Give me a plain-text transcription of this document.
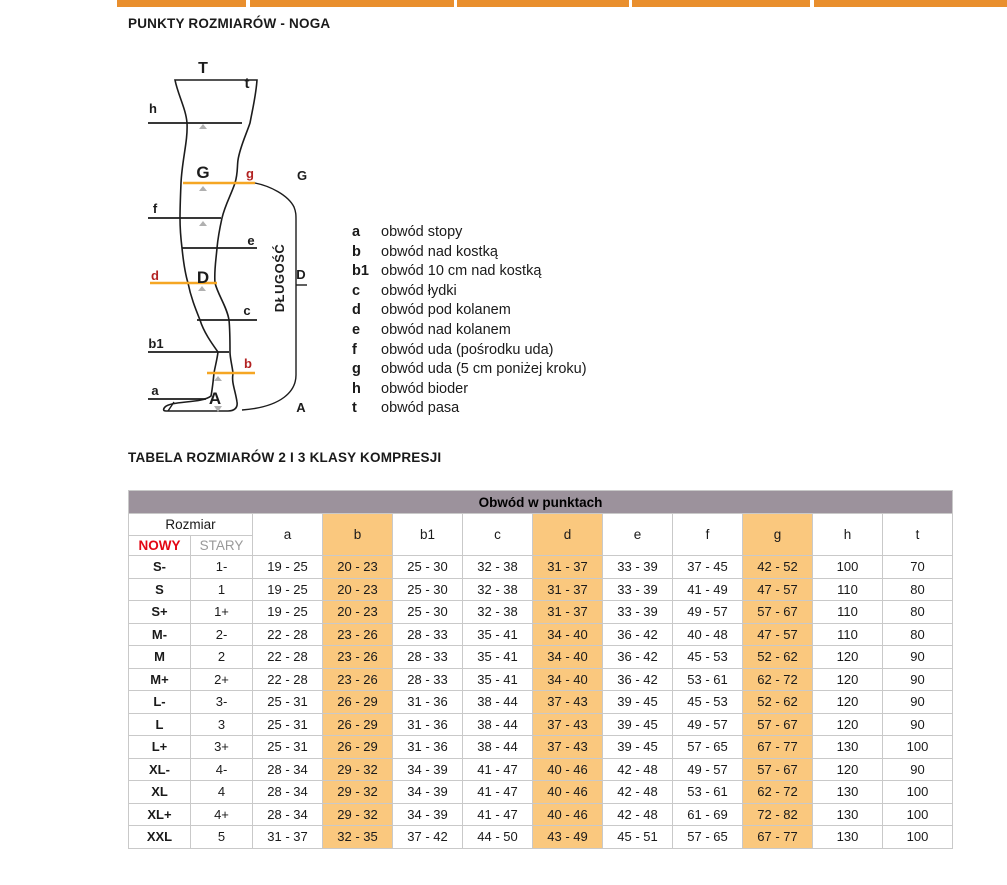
PUNKTY ROZMIARÓW - NOGA
T
t
h
G
f
e
D
c
b1
a	A
g
d
b
G
D
A
DŁUGOŚĆ
a	obwód stopy
b	obwód nad kostką
b1 obwód 10 cm nad kostką
c	obwód łydki
d	obwód pod kolanem
e	obwód nad kolanem
f	obwód uda (pośrodku uda)
g	obwód uda (5 cm poniżej kroku)
h	obwód bioder
t	obwód pasa
TABELA ROZMIARÓW 2 I 3 KLASY KOMPRESJI
Obwód w punktach											
Rozmiar		a	b	b1	c	d	e	f	g	h	t
NOWY	STARY										
S-	1-	19 - 25	20 - 23	25 - 30	32 - 38	31 - 37	33 - 39	37 - 45	42 - 52	100	70
S	1	19 - 25	20 - 23	25 - 30	32 - 38	31 - 37	33 - 39	41 - 49	47 - 57	110	80
S+	1+	19 - 25	20 - 23	25 - 30	32 - 38	31 - 37	33 - 39	49 - 57	57 - 67	110	80
M-	2-	22 - 28	23 - 26	28 - 33	35 - 41	34 - 40	36 - 42	40 - 48	47 - 57	110	80
M	2	22 - 28	23 - 26	28 - 33	35 - 41	34 - 40	36 - 42	45 - 53	52 - 62	120	90
M+	2+	22 - 28	23 - 26	28 - 33	35 - 41	34 - 40	36 - 42	53 - 61	62 - 72	120	90
L-	3-	25 - 31	26 - 29	31 - 36	38 - 44	37 - 43	39 - 45	45 - 53	52 - 62	120	90
L	3	25 - 31	26 - 29	31 - 36	38 - 44	37 - 43	39 - 45	49 - 57	57 - 67	120	90
L+	3+	25 - 31	26 - 29	31 - 36	38 - 44	37 - 43	39 - 45	57 - 65	67 - 77	130	100
XL-	4-	28 - 34	29 - 32	34 - 39	41 - 47	40 - 46	42 - 48	49 - 57	57 - 67	120	90
XL	4	28 - 34	29 - 32	34 - 39	41 - 47	40 - 46	42 - 48	53 - 61	62 - 72	130	100
XL+	4+	28 - 34	29 - 32	34 - 39	41 - 47	40 - 46	42 - 48	61 - 69	72 - 82	130	100
XXL	5	31 - 37	32 - 35	37 - 42	44 - 50	43 - 49	45 - 51	57 - 65	67 - 77	130	100
